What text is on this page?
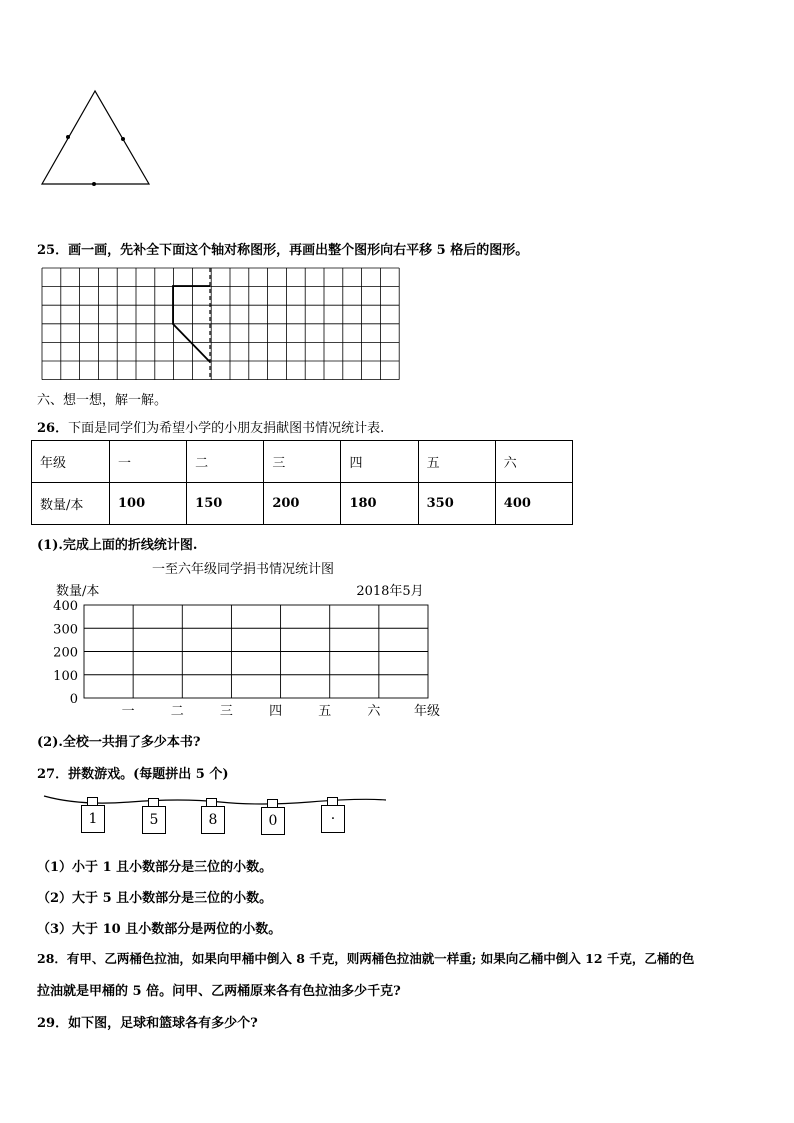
25．画一画，先补全下面这个轴对称图形，再画出整个图形向右平移 5 格后的图形。
六、想一想，解一解。
26．下面是同学们为希望小学的小朋友捐献图书情况统计表.
年级	一	二	三	四	五	六
数量/本	100	150	200	180	350	400
(1).完成上面的折线统计图.
一至六年级同学捐书情况统计图
2018年5月
数量/本
年级
100
200
300
400
0
一	二	三	四	五	六
(2).全校一共捐了多少本书?
27．拼数游戏。(每题拼出 5 个)
1	5	8	0	·
（1）小于 1 且小数部分是三位的小数。
（2）大于 5 且小数部分是三位的小数。
（3）大于 10 且小数部分是两位的小数。
28．有甲、乙两桶色拉油，如果向甲桶中倒入 8 千克，则两桶色拉油就一样重; 如果向乙桶中倒入 12 千克，乙桶的色
拉油就是甲桶的 5 倍。问甲、乙两桶原来各有色拉油多少千克?
29．如下图，足球和篮球各有多少个?
